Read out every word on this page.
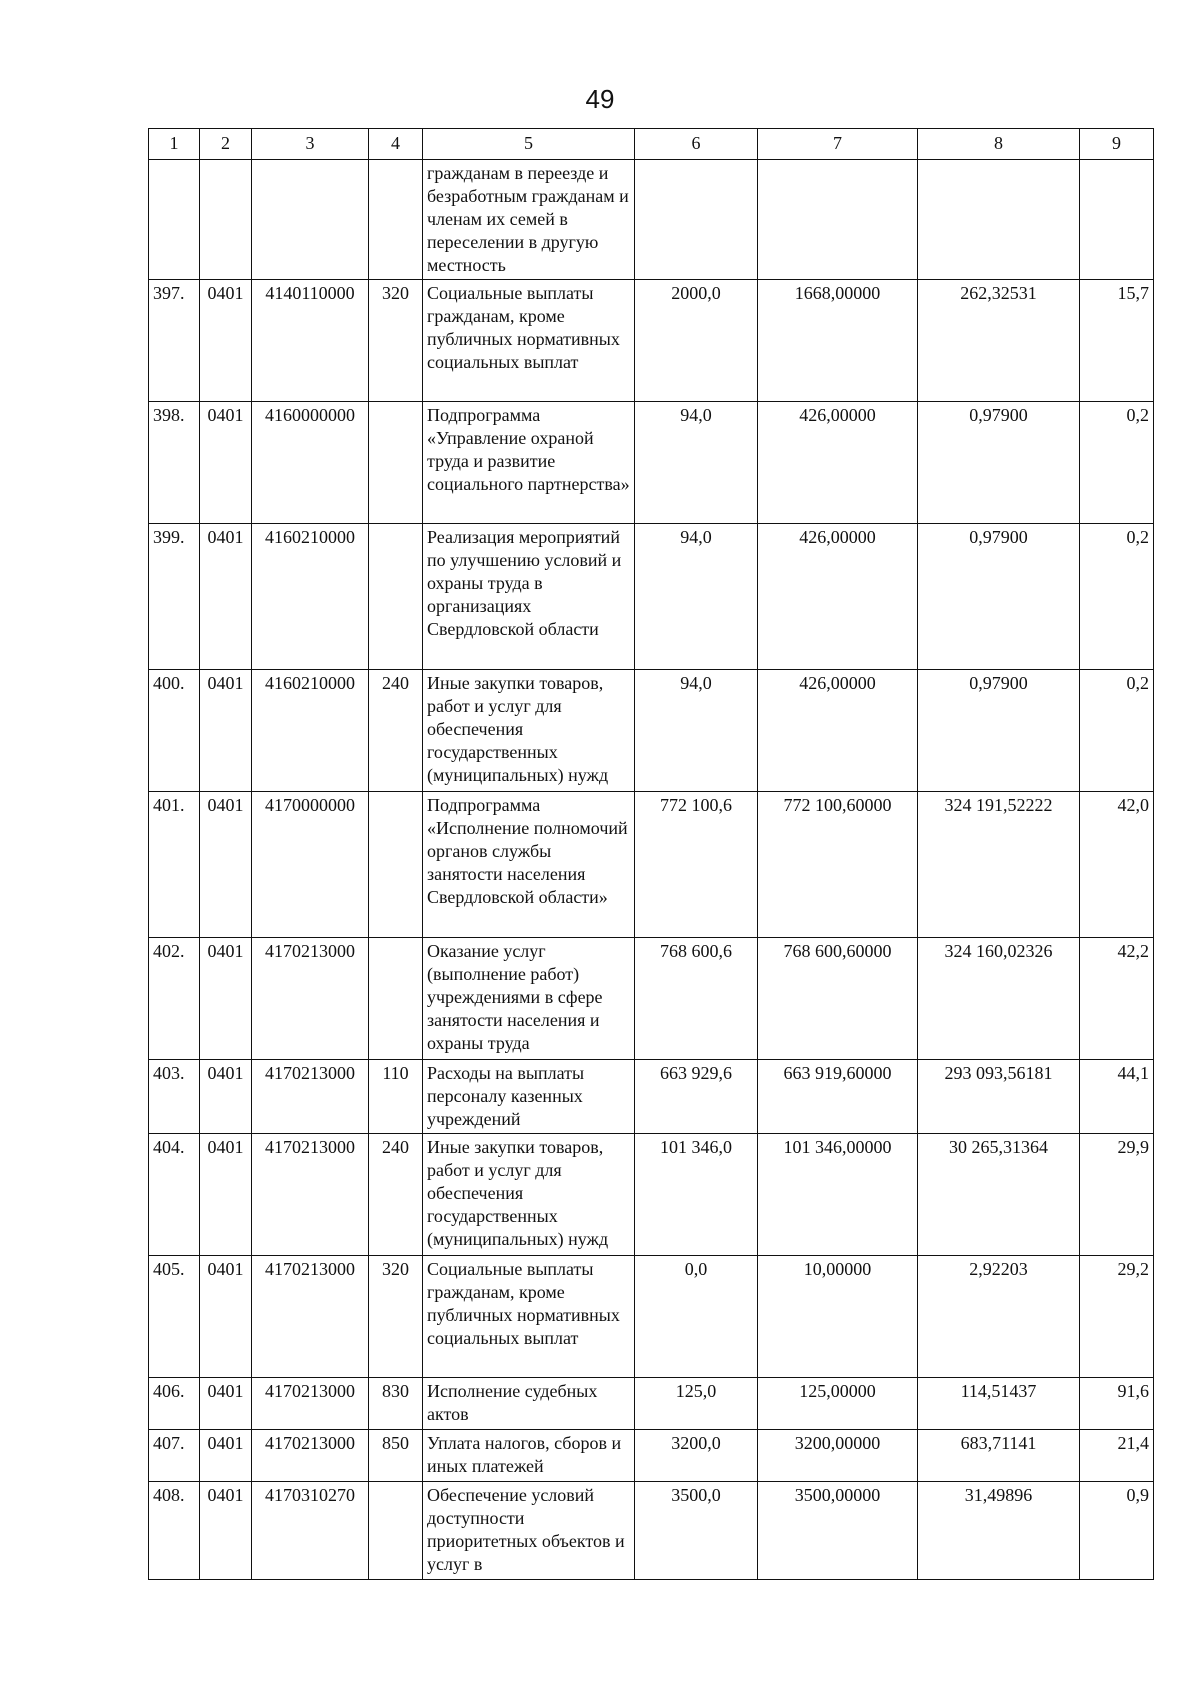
49
1	2	3	4	5	6	7	8	9
				гражданам в переезде и безработным гражданам и членам их семей в переселении в другую местность				
397.	0401	4140110000	320	Социальные выплаты гражданам, кроме публичных нормативных социальных выплат	2000,0	1668,00000	262,32531	15,7
398.	0401	4160000000		Подпрограмма «Управление охраной труда и развитие социального партнерства»	94,0	426,00000	0,97900	0,2
399.	0401	4160210000		Реализация мероприятий по улучшению условий и охраны труда в организациях Свердловской области	94,0	426,00000	0,97900	0,2
400.	0401	4160210000	240	Иные закупки товаров, работ и услуг для обеспечения государственных (муниципальных) нужд	94,0	426,00000	0,97900	0,2
401.	0401	4170000000		Подпрограмма «Исполнение полномочий органов службы занятости населения Свердловской области»	772 100,6	772 100,60000	324 191,52222	42,0
402.	0401	4170213000		Оказание услуг (выполнение работ) учреждениями в сфере занятости населения и охраны труда	768 600,6	768 600,60000	324 160,02326	42,2
403.	0401	4170213000	110	Расходы на выплаты персоналу казенных учреждений	663 929,6	663 919,60000	293 093,56181	44,1
404.	0401	4170213000	240	Иные закупки товаров, работ и услуг для обеспечения государственных (муниципальных) нужд	101 346,0	101 346,00000	30 265,31364	29,9
405.	0401	4170213000	320	Социальные выплаты гражданам, кроме публичных нормативных социальных выплат	0,0	10,00000	2,92203	29,2
406.	0401	4170213000	830	Исполнение судебных актов	125,0	125,00000	114,51437	91,6
407.	0401	4170213000	850	Уплата налогов, сборов и иных платежей	3200,0	3200,00000	683,71141	21,4
408.	0401	4170310270		Обеспечение условий доступности приоритетных объектов и услуг в	3500,0	3500,00000	31,49896	0,9
